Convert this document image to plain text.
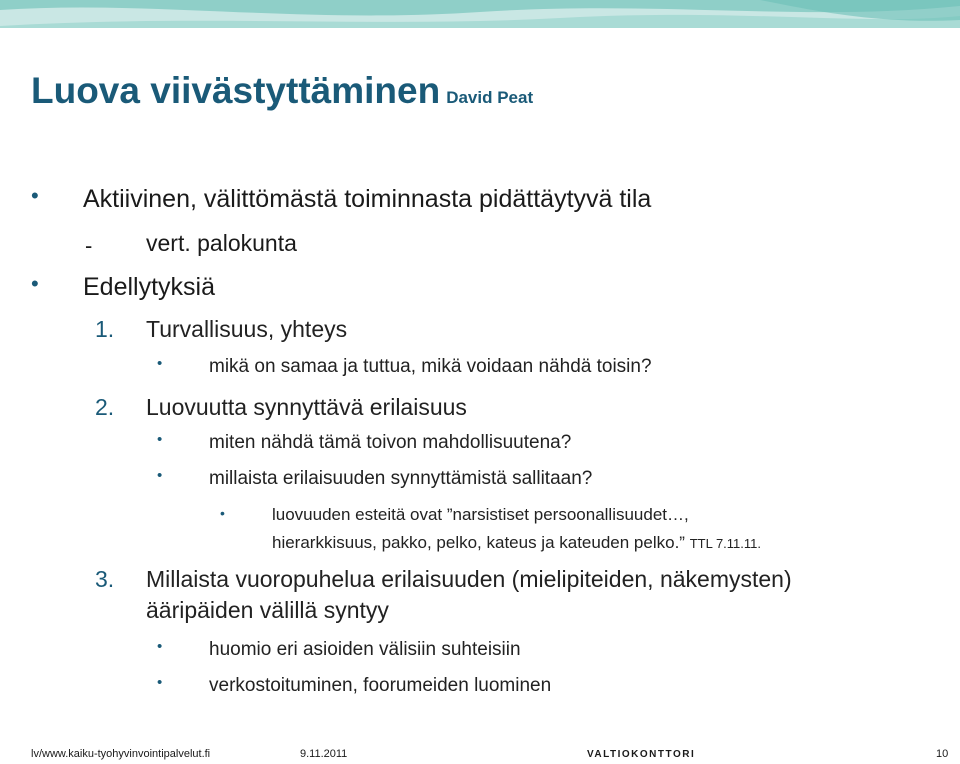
Luova viivästyttäminen David Peat
• Aktiivinen, välittömästä toiminnasta pidättäytyvä tila
- vert. palokunta
• Edellytyksiä
1. Turvallisuus, yhteys
• mikä on samaa ja tuttua, mikä voidaan nähdä toisin?
2. Luovuutta synnyttävä erilaisuus
• miten nähdä tämä toivon mahdollisuutena?
• millaista erilaisuuden synnyttämistä sallitaan?
•	luovuuden esteitä ovat ”narsistiset persoonallisuudet…,
hierarkkisuus, pakko, pelko, kateus ja kateuden pelko.” TTL 7.11.11.
3. Millaista vuoropuhelua erilaisuuden (mielipiteiden, näkemysten)
ääripäiden välillä syntyy
• huomio eri asioiden välisiin suhteisiin
• verkostoituminen, foorumeiden luominen
lv/www.kaiku-tyohyvinvointipalvelut.fi	9.11.2011	VALTIOKONTTORI	10
